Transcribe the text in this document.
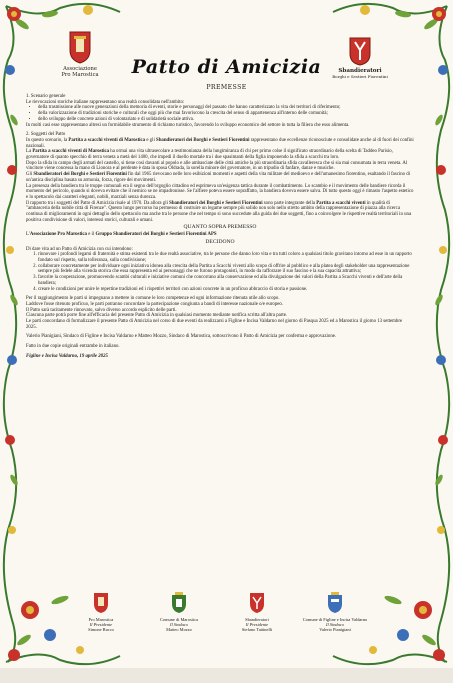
Associazione
Pro Marostica
Sbandieratori
Borghi e Sestieri Fiorentini
Patto di Amicizia
PREMESSE

1. Scenario generale

Le rievocazioni storiche italiane rappresentano una realtà consolidata nell'ambito:

• della trasmissione alle nuove generazioni della memoria di eventi, storie e personaggi del passato che hanno caratterizzato la vita dei territori di riferimento;
• della valorizzazione di tradizioni storiche e culturali che oggi più che mai favoriscono la crescita del senso di appartenenza all'interno delle comunità;
• dello sviluppo delle concrete azioni di volontariato e di solidarietà sociale attiva.

In molti casi esse rappresentano altresì un formidabile strumento di richiamo turistico, favorendo lo sviluppo economico del settore in tutta la filiera che esso alimenta.

2. Soggetti del Patto

In questo scenario, la Partita a scacchi viventi di Marostica e gli Sbandieratori dei Borghi e Sestieri Fiorentini rappresentano due eccellenze riconosciute e consolidate anche al di fuori dei confini nazionali.

La Partita a scacchi viventi di Marostica ha ormai una vita ultrasecolare a testimonianza della lungimiranza di chi per primo colse il significato straordinario della scelta di Taddeo Parisio, governatore di quanto specchio di terra veneta a metà del 1400, che impedì il duello mortale tra i due spasimanti della figlia imponendo la sfida a scacchi tra loro.

Dopo la sfida in campo degli armati del castello, si tiene così davanti al popolo e alle ambasciate delle città amiche la più straordinaria sfida cavalleresca che si sia mai consumata in terra veneta. Al vincitore viene concessa la mano di Lionora e al perdente è data in sposa Oldrada, la sorella minore del governatore, in un tripudio di fanfare, danze e musiche.

Gli Sbandieratori dei Borghi e Sestieri Fiorentini fin dal 1965 rievocano nelle loro esibizioni momenti e aspetti della vita militare del medioevo e dell'umanesimo fiorentino, esaltando il fascino di un'antica disciplina basata su armonia, forza, rigore dei movimenti.

La presenza della bandiera tra le truppe comunali era il segno dell'orgoglio cittadino ed esprimeva un'esigenza tattica durante il combattimento. Lo scambio e il movimento delle bandiere ricorda il momento del pericolo, quando si doveva evitare che il nemico se ne impadronisse. Se l'alfiere poteva essere sopraffatto, la bandiera doveva essere salva. Di tutto questo oggi è rimasto l'aspetto estetico e lo spettacolo dai caratteri eleganti, nobili, marziali senza durezza.

Il rapporto tra i soggetti del Patto di Amicizia risale al 1970. Da allora gli Sbandieratori dei Borghi e Sestieri Fiorentini sono parte integrante della Partita a scacchi viventi in qualità di "ambasceria della nobile città di Firenze". Questo lungo percorso ha permesso di costruire un legame sempre più solido non solo nello stretto ambito della rappresentazione di piazza alla ricerca continua di miglioramenti in ogni dettaglio dello spettacolo ma anche tra le persone che nel tempo si sono succedute alla guida dei due soggetti, fino a coinvolgere le rispettive realtà territoriali in una positiva condivisione di valori, interessi storici, culturali e umani.

QUANTO SOPRA PREMESSO

L'Associazione Pro Marostica e il Gruppo Sbandieratori dei Borghi e Sestieri Fiorentini APS

DECIDONO

Di dare vita ad un Patto di Amicizia con cui intendono:

1. rinnovare i profondi legami di fraternità e stima esistenti tra le due realtà associative, tra le persone che danno loro vita e tra tutti coloro a qualsiasi titolo gravitano intorno ad esse in un rapporto fondato sul rispetto, sulla tolleranza, sulla condivisione;
2. collaborare concretamente per individuare ogni iniziativa idonea alla crescita della Partita a Scacchi viventi allo scopo di offrire al pubblico e alla platea degli stakeholder una rappresentazione sempre più fedele alla vicenda storica che essa rappresenta ed ai personaggi che ne furono protagonisti, in modo da rafforzare il suo fascino e la sua capacità attrattiva;
3. favorire la cooperazione, promuovendo scambi culturali e iniziative comuni che concorrano alla conservazione ed alla divulgazione dei valori della Partita a Scacchi viventi e dell'arte della bandiera;
4. creare le condizioni per unire le repertine tradizioni ed i rispettivi territori con azioni concrete in un proficuo abbraccio di storia e passione.

Per il raggiungimento le parti si impegnano a mettere in comune le loro competenze ed ogni informazione ritenuta utile allo scopo.

Laddove fosse ritenuto proficuo, le parti potranno concordare la partecipazione congiunta a bandi di interesse nazionale o/e europeo.

Il Patto sarà tacitamente rinnovato, salvo diverso accordo esplicito delle parti.

Ciascuna parte potrà porre fine all'efficacia del presente Patto di Amicizia in qualsiasi momento mediante notifica scritta all'altra parte.

Le parti concordano di formalizzare il presente Patto di Amicizia nel corso di due eventi da realizzarsi a Figline e Incisa Valdarno nel giorno di Pasqua 2025 ed a Marostica il giorno 13 settembre 2025.

Valerio Pianigiani, Sindaco di Figline e Incisa Valdarno e Matteo Mozzo, Sindaco di Marostica, sottoscrivono il Patto di Amicizia per conferma e approvazione.

Fatto in due copie originali entrambe in italiano.

Figline e Incisa Valdarno, 19 aprile 2025

Pro Marostica
Il Presidente
Simone Bucco
Comune di Marostica
Il Sindaco
Matteo Mozzo
Sbandieratori
Il Presidente
Stefano Tattinelli
Comune di Figline e Incisa Valdarno
Il Sindaco
Valerio Pianigiani
